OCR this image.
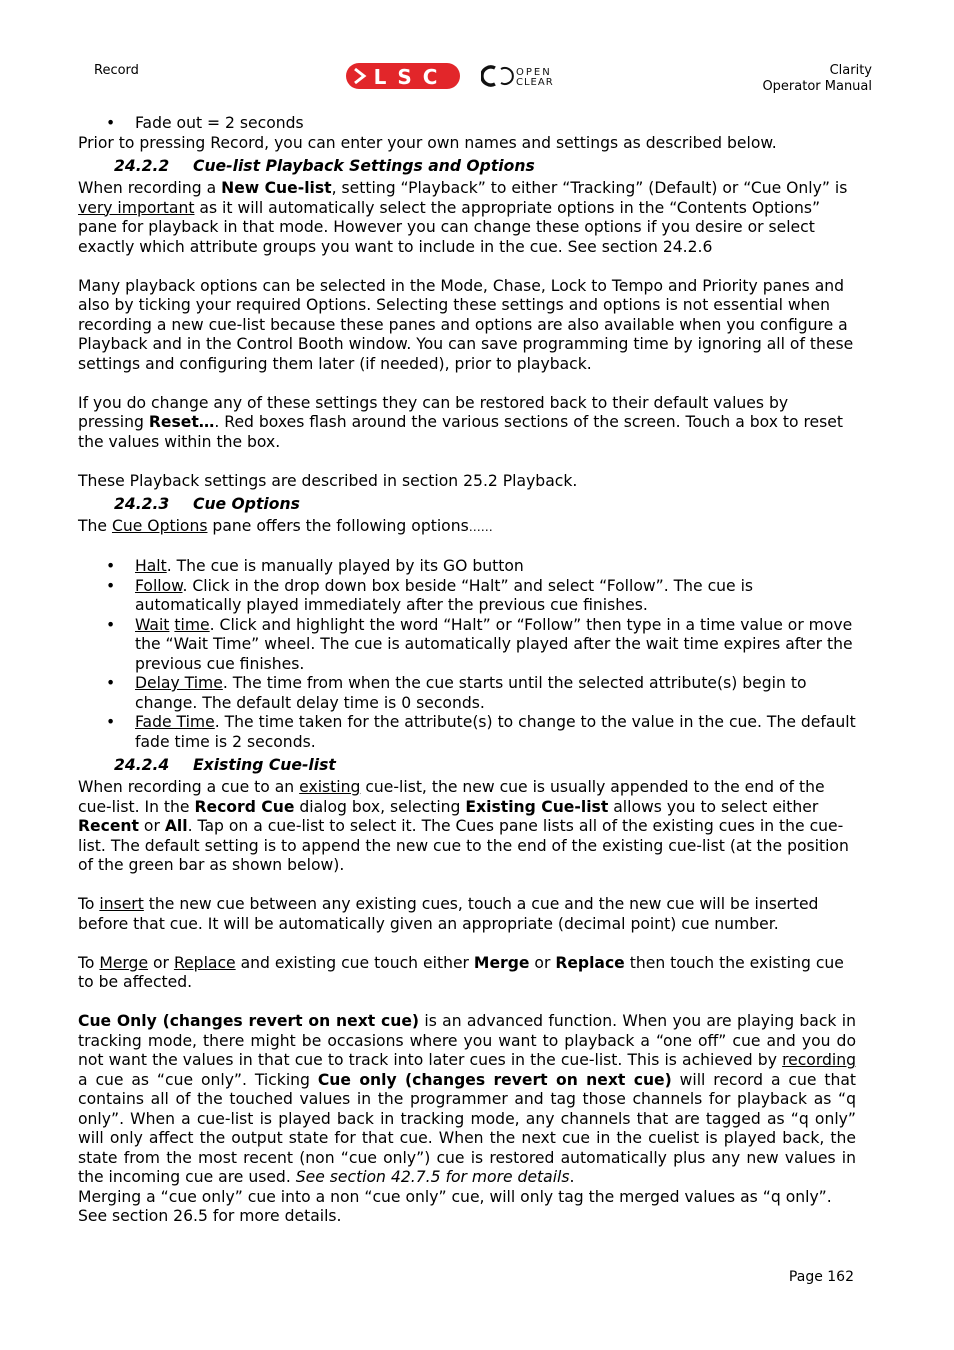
Record	LSC	OPEN
CLEAR
Clarity
Operator Manual
• Fade out = 2 seconds

Prior to pressing Record, you can enter your own names and settings as described below.

24.2.2 Cue-list Playback Settings and Options

When recording a New Cue-list, setting “Playback” to either “Tracking” (Default) or “Cue Only” is very important as it will automatically select the appropriate options in the “Contents Options” pane for playback in that mode. However you can change these options if you desire or select exactly which attribute groups you want to include in the cue. See section 24.2.6

Many playback options can be selected in the Mode, Chase, Lock to Tempo and Priority panes and also by ticking your required Options. Selecting these settings and options is not essential when recording a new cue-list because these panes and options are also available when you configure a Playback and in the Control Booth window. You can save programming time by ignoring all of these settings and configuring them later (if needed), prior to playback.

If you do change any of these settings they can be restored back to their default values by pressing Reset…. Red boxes flash around the various sections of the screen. Touch a box to reset the values within the box.

These Playback settings are described in section 25.2 Playback.

24.2.3 Cue Options

The Cue Options pane offers the following options……

• Halt. The cue is manually played by its GO button
• Follow. Click in the drop down box beside “Halt” and select “Follow”. The cue is automatically played immediately after the previous cue finishes.
• Wait time. Click and highlight the word “Halt” or “Follow” then type in a time value or move the “Wait Time” wheel. The cue is automatically played after the wait time expires after the previous cue finishes.
• Delay Time. The time from when the cue starts until the selected attribute(s) begin to change. The default delay time is 0 seconds.
• Fade Time. The time taken for the attribute(s) to change to the value in the cue. The default fade time is 2 seconds.
24.2.4 Existing Cue-list

When recording a cue to an existing cue-list, the new cue is usually appended to the end of the cue-list. In the Record Cue dialog box, selecting Existing Cue-list allows you to select either Recent or All. Tap on a cue-list to select it. The Cues pane lists all of the existing cues in the cue-list. The default setting is to append the new cue to the end of the existing cue-list (at the position of the green bar as shown below).

To insert the new cue between any existing cues, touch a cue and the new cue will be inserted before that cue. It will be automatically given an appropriate (decimal point) cue number.

To Merge or Replace and existing cue touch either Merge or Replace then touch the existing cue to be affected.

Cue Only (changes revert on next cue) is an advanced function. When you are playing back in tracking mode, there might be occasions where you want to playback a “one off” cue and you do not want the values in that cue to track into later cues in the cue-list. This is achieved by recording a cue as “cue only”. Ticking Cue only (changes revert on next cue) will record a cue that contains all of the touched values in the programmer and tag those channels for playback as “q only”. When a cue-list is played back in tracking mode, any channels that are tagged as “q only” will only affect the output state for that cue. When the next cue in the cuelist is played back, the state from the most recent (non “cue only”) cue is restored automatically plus any new values in the incoming cue are used. See section 42.7.5 for more details.

Merging a “cue only” cue into a non “cue only” cue, will only tag the merged values as “q only”. See section 26.5 for more details.

Page 162
